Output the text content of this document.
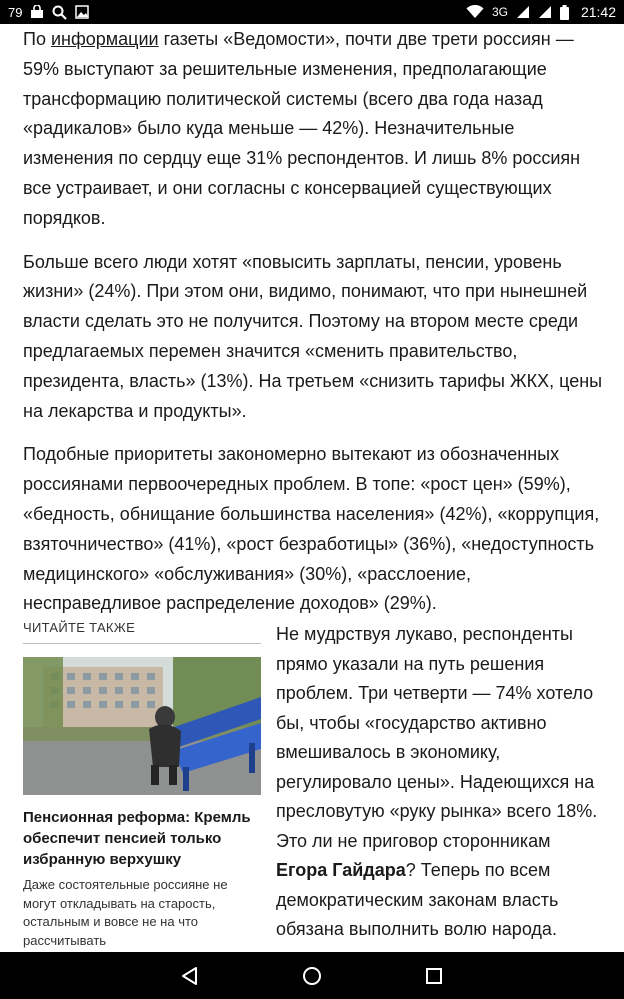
79	3G	21:42

По информации газеты «Ведомости», почти две трети россиян — 59% выступают за решительные изменения, предполагающие трансформацию политической системы (всего два года назад «радикалов» было куда меньше — 42%). Незначительные изменения по сердцу еще 31% респондентов. И лишь 8% россиян все устраивает, и они согласны с консервацией существующих порядков.

Больше всего люди хотят «повысить зарплаты, пенсии, уровень жизни» (24%). При этом они, видимо, понимают, что при нынешней власти сделать это не получится. Поэтому на втором месте среди предлагаемых перемен значится «сменить правительство, президента, власть» (13%). На третьем «снизить тарифы ЖКХ, цены на лекарства и продукты».

Подобные приоритеты закономерно вытекают из обозначенных россиянами первоочередных проблем. В топе: «рост цен» (59%), «бедность, обнищание большинства населения» (42%), «коррупция, взяточничество» (41%), «рост безработицы» (36%), «недоступность медицинского» «обслуживания» (30%), «расслоение, несправедливое распределение доходов» (29%).

ЧИТАЙТЕ ТАКЖЕ
Пенсионная реформа: Кремль обеспечит пенсией только избранную верхушку
Даже состоятельные россияне не могут откладывать на старость, остальным и вовсе не на что рассчитывать
Не мудрствуя лукаво, респонденты прямо указали на путь решения проблем. Три четверти — 74% хотело бы, чтобы «государство активно вмешивалось в экономику, регулировало цены». Надеющихся на пресловутую «руку рынка» всего 18%. Это ли не приговор сторонникам Егора Гайдара? Теперь по всем демократическим законам власть обязана выполнить волю народа.
